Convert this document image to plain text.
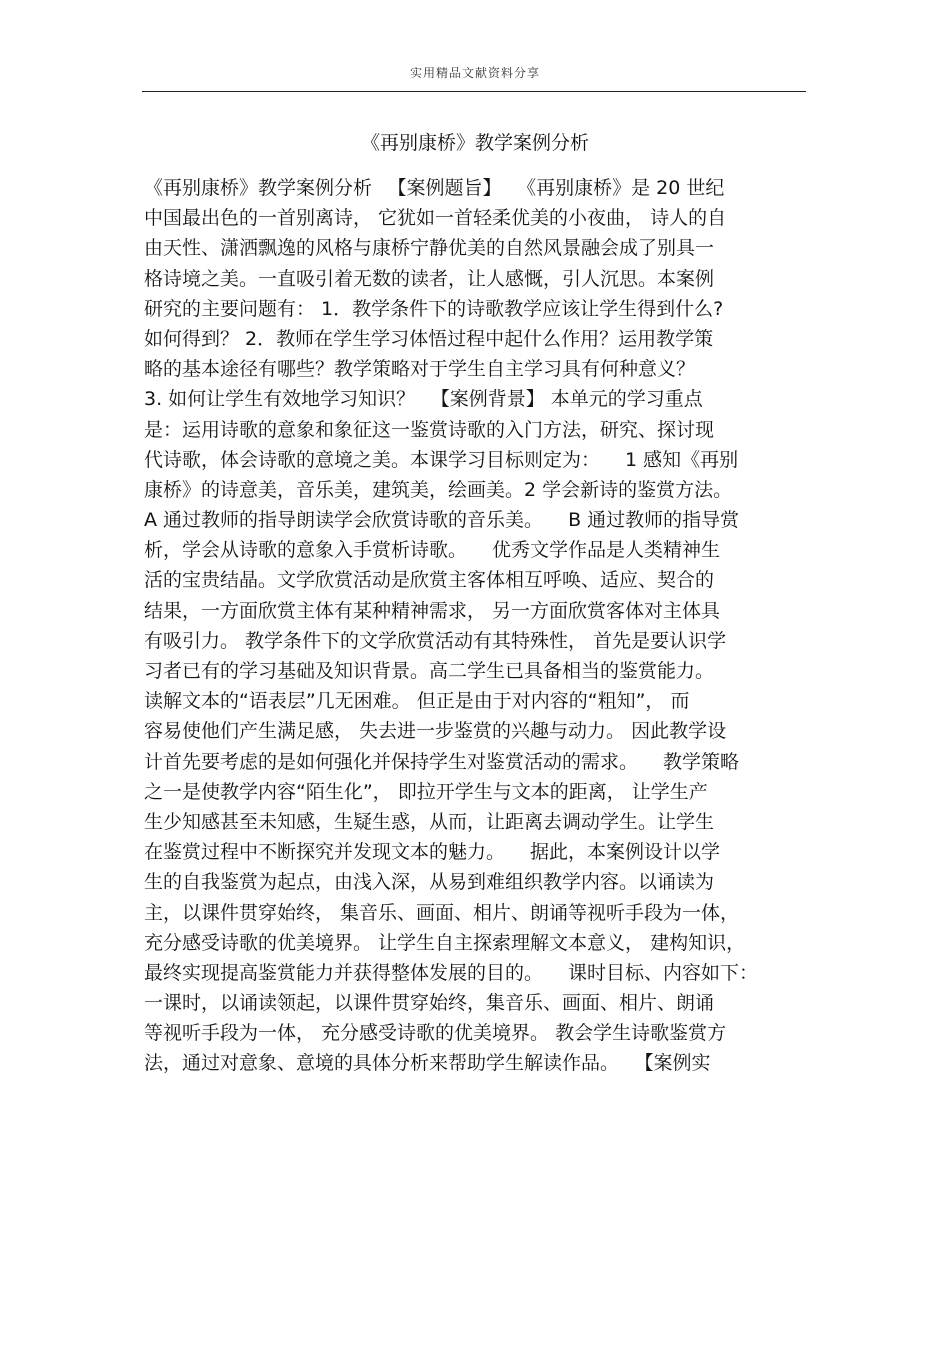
实用精品文献资料分享
《再别康桥》教学案例分析
《再别康桥》教学案例分析 　【案例题旨】 　《再别康桥》是 20 世纪
中国最出色的一首别离诗， 它犹如一首轻柔优美的小夜曲， 诗人的自
由天性、潇洒飘逸的风格与康桥宁静优美的自然风景融会成了别具一
格诗境之美。一直吸引着无数的读者，让人感慨，引人沉思。本案例
研究的主要问题有： 1．教学条件下的诗歌教学应该让学生得到什么?
如何得到？ 2．教师在学生学习体悟过程中起什么作用？运用教学策
略的基本途径有哪些？教学策略对于学生自主学习具有何种意义？
3. 如何让学生有效地学习知识？ 　【案例背景】 本单元的学习重点
是：运用诗歌的意象和象征这一鉴赏诗歌的入门方法，研究、探讨现
代诗歌，体会诗歌的意境之美。本课学习目标则定为： 　1 感知《再别
康桥》的诗意美，音乐美，建筑美，绘画美。2 学会新诗的鉴赏方法。
A 通过教师的指导朗读学会欣赏诗歌的音乐美。 　B 通过教师的指导赏
析，学会从诗歌的意象入手赏析诗歌。 　优秀文学作品是人类精神生
活的宝贵结晶。文学欣赏活动是欣赏主客体相互呼唤、适应、契合的
结果，一方面欣赏主体有某种精神需求， 另一方面欣赏客体对主体具
有吸引力。 教学条件下的文学欣赏活动有其特殊性， 首先是要认识学
习者已有的学习基础及知识背景。高二学生已具备相当的鉴赏能力。
读解文本的“语表层”几无困难。 但正是由于对内容的“粗知”， 而
容易使他们产生满足感， 失去进一步鉴赏的兴趣与动力。 因此教学设
计首先要考虑的是如何强化并保持学生对鉴赏活动的需求。 　教学策略
之一是使教学内容“陌生化”， 即拉开学生与文本的距离， 让学生产
生少知感甚至未知感，生疑生惑，从而，让距离去调动学生。让学生
在鉴赏过程中不断探究并发现文本的魅力。 　据此，本案例设计以学
生的自我鉴赏为起点，由浅入深，从易到难组织教学内容。以诵读为
主，以课件贯穿始终， 集音乐、画面、相片、朗诵等视听手段为一体，
充分感受诗歌的优美境界。 让学生自主探索理解文本意义， 建构知识，
最终实现提高鉴赏能力并获得整体发展的目的。 　课时目标、内容如下：
一课时，以诵读领起，以课件贯穿始终，集音乐、画面、相片、朗诵
等视听手段为一体， 充分感受诗歌的优美境界。 教会学生诗歌鉴赏方
法，通过对意象、意境的具体分析来帮助学生解读作品。 　【案例实
